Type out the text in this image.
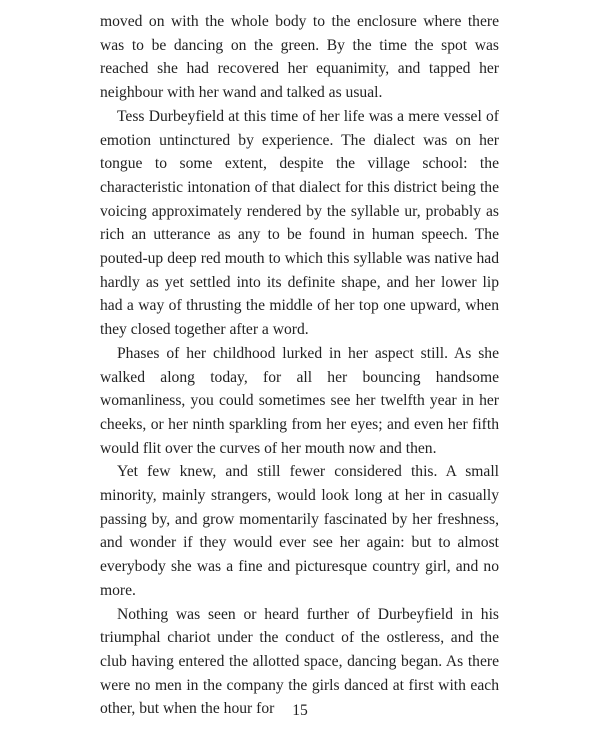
moved on with the whole body to the enclosure where there was to be dancing on the green. By the time the spot was reached she had recovered her equanimity, and tapped her neighbour with her wand and talked as usual.

Tess Durbeyfield at this time of her life was a mere vessel of emotion untinctured by experience. The dialect was on her tongue to some extent, despite the village school: the characteristic intonation of that dialect for this district being the voicing approximately rendered by the syllable ur, probably as rich an utterance as any to be found in human speech. The pouted-up deep red mouth to which this syllable was native had hardly as yet settled into its definite shape, and her lower lip had a way of thrusting the middle of her top one upward, when they closed together after a word.

Phases of her childhood lurked in her aspect still. As she walked along today, for all her bouncing handsome womanliness, you could sometimes see her twelfth year in her cheeks, or her ninth sparkling from her eyes; and even her fifth would flit over the curves of her mouth now and then.

Yet few knew, and still fewer considered this. A small minority, mainly strangers, would look long at her in casually passing by, and grow momentarily fascinated by her freshness, and wonder if they would ever see her again: but to almost everybody she was a fine and picturesque country girl, and no more.

Nothing was seen or heard further of Durbeyfield in his triumphal chariot under the conduct of the ostleress, and the club having entered the allotted space, dancing began. As there were no men in the company the girls danced at first with each other, but when the hour for	15
